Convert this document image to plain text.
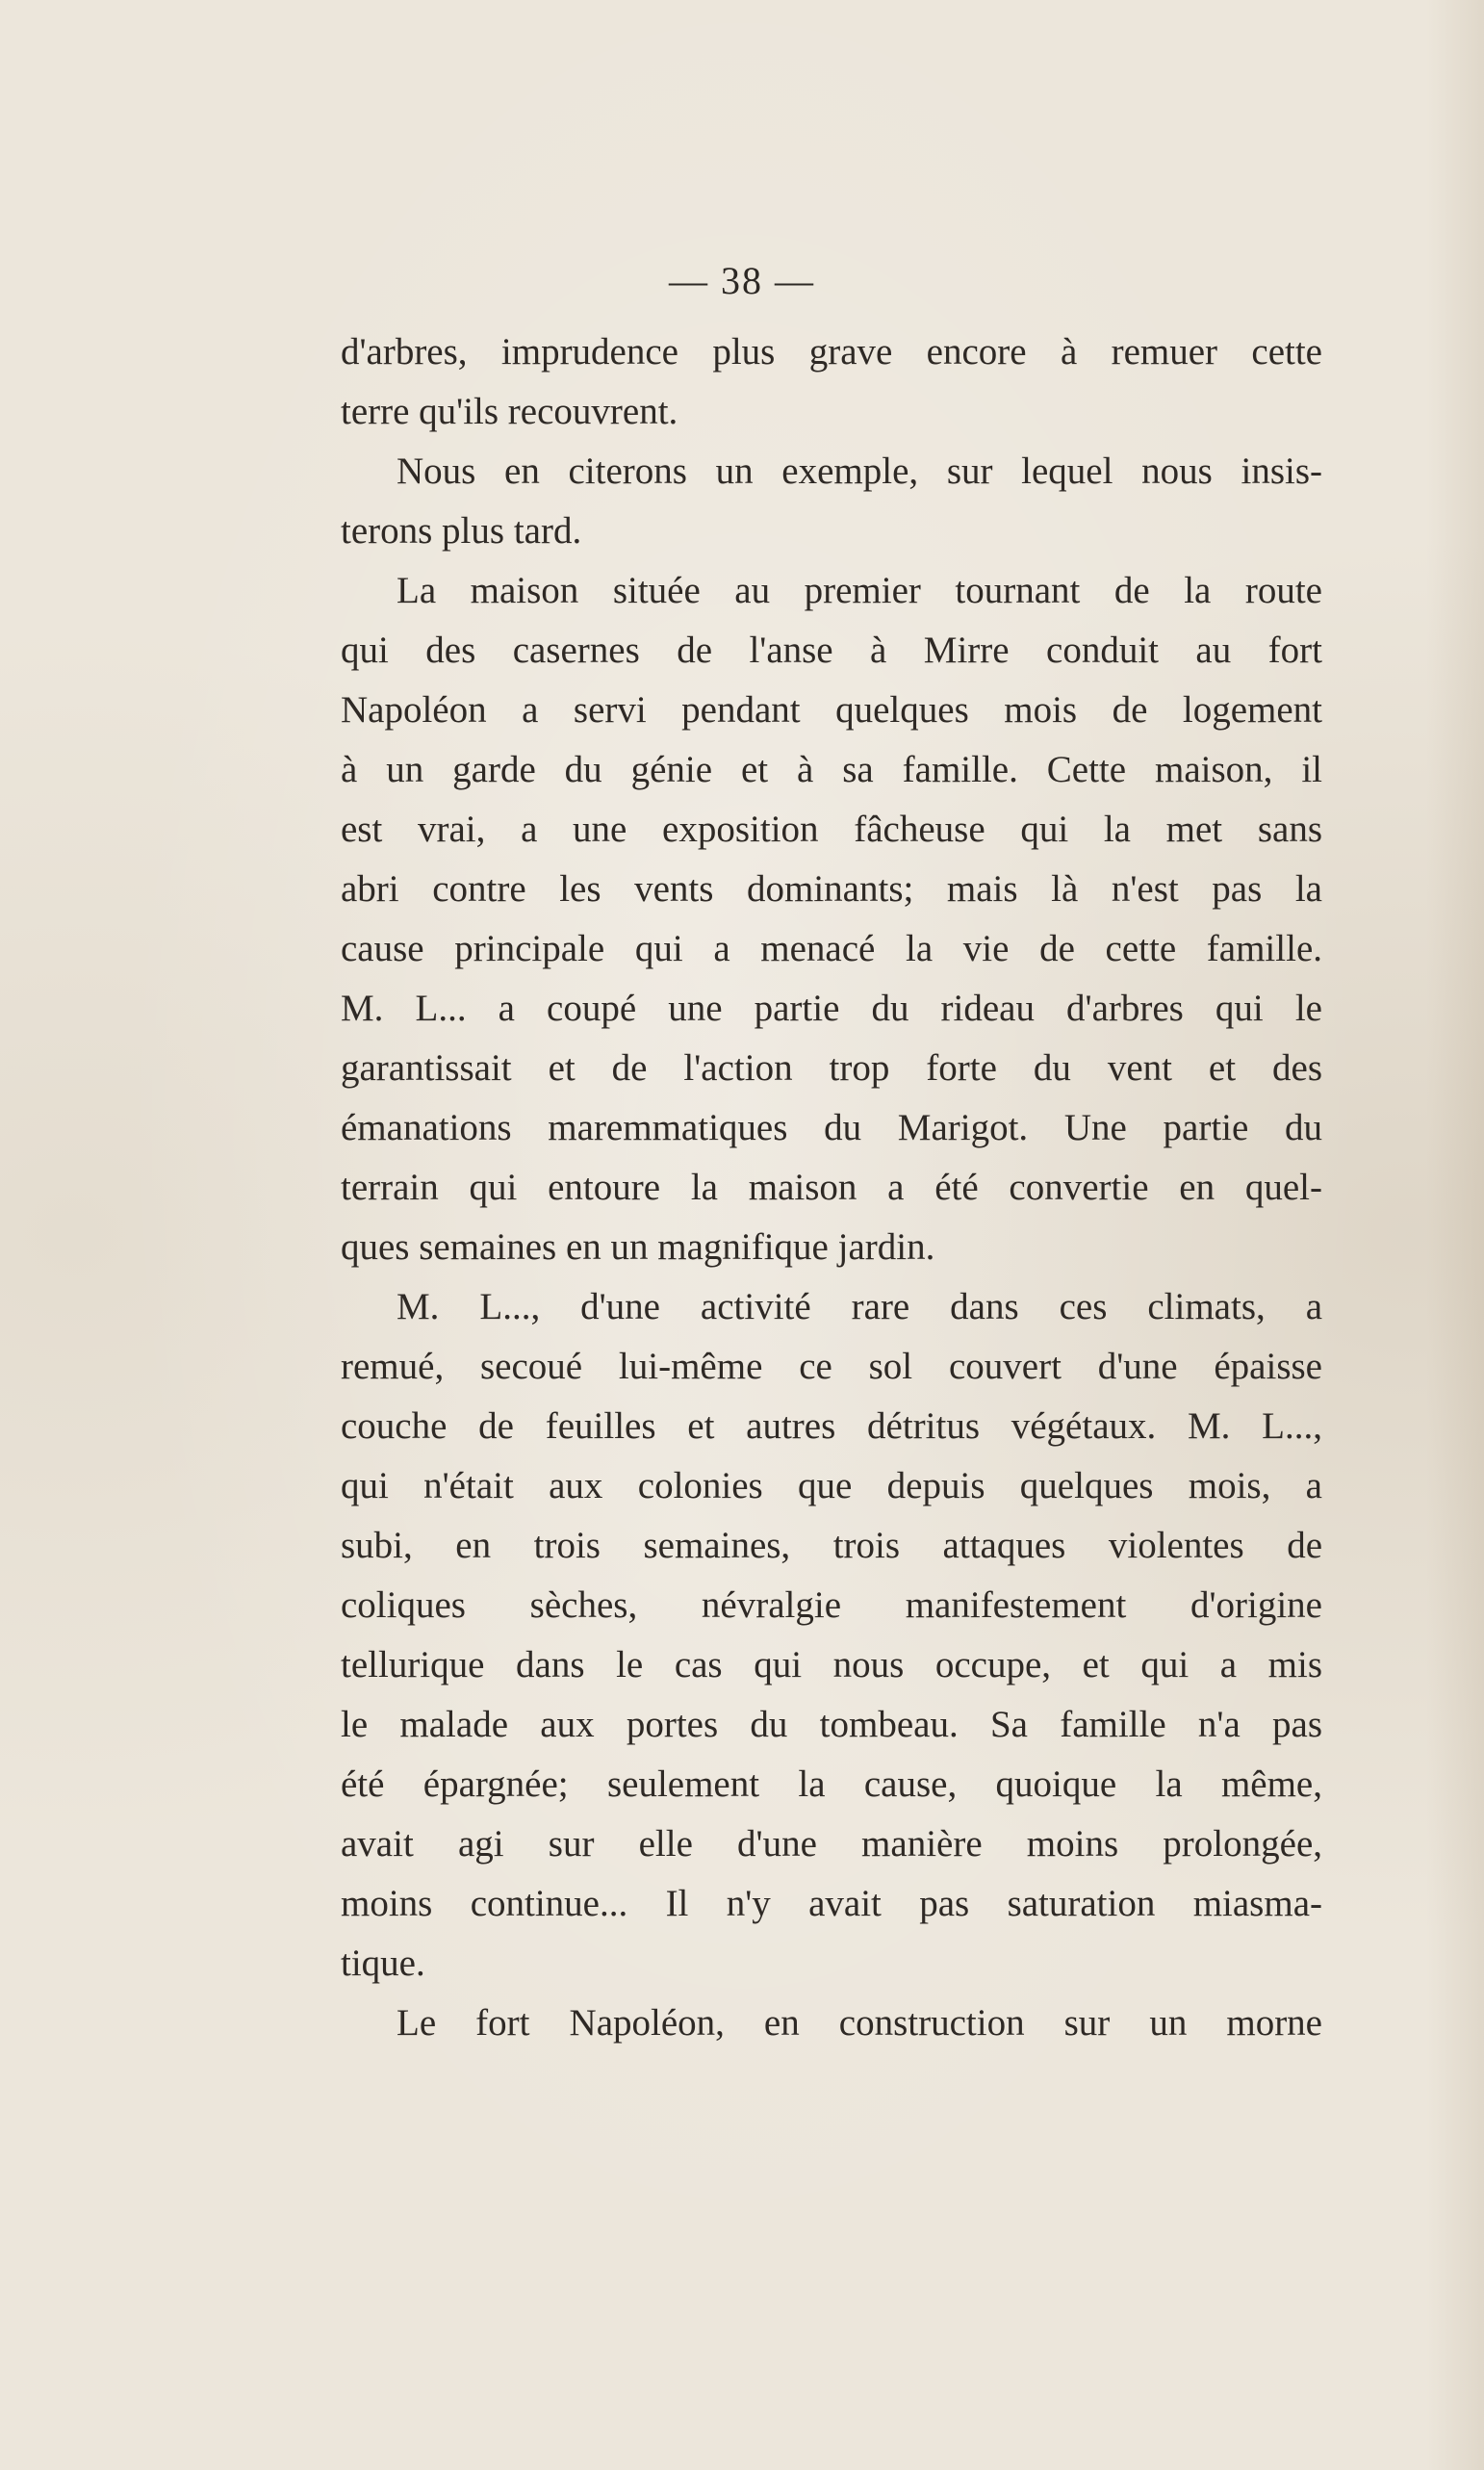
— 38 —
d'arbres, imprudence plus grave encore à remuer cette
terre qu'ils recouvrent.
Nous en citerons un exemple, sur lequel nous insis-
terons plus tard.
La maison située au premier tournant de la route
qui des casernes de l'anse à Mirre conduit au fort
Napoléon a servi pendant quelques mois de logement
à un garde du génie et à sa famille. Cette maison, il
est vrai, a une exposition fâcheuse qui la met sans
abri contre les vents dominants; mais là n'est pas la
cause principale qui a menacé la vie de cette famille.
M. L... a coupé une partie du rideau d'arbres qui le
garantissait et de l'action trop forte du vent et des
émanations maremmatiques du Marigot. Une partie du
terrain qui entoure la maison a été convertie en quel-
ques semaines en un magnifique jardin.
M. L..., d'une activité rare dans ces climats, a
remué, secoué lui-même ce sol couvert d'une épaisse
couche de feuilles et autres détritus végétaux. M. L...,
qui n'était aux colonies que depuis quelques mois, a
subi, en trois semaines, trois attaques violentes de
coliques sèches, névralgie manifestement d'origine
tellurique dans le cas qui nous occupe, et qui a mis
le malade aux portes du tombeau. Sa famille n'a pas
été épargnée; seulement la cause, quoique la même,
avait agi sur elle d'une manière moins prolongée,
moins continue... Il n'y avait pas saturation miasma-
tique.
Le fort Napoléon, en construction sur un morne
